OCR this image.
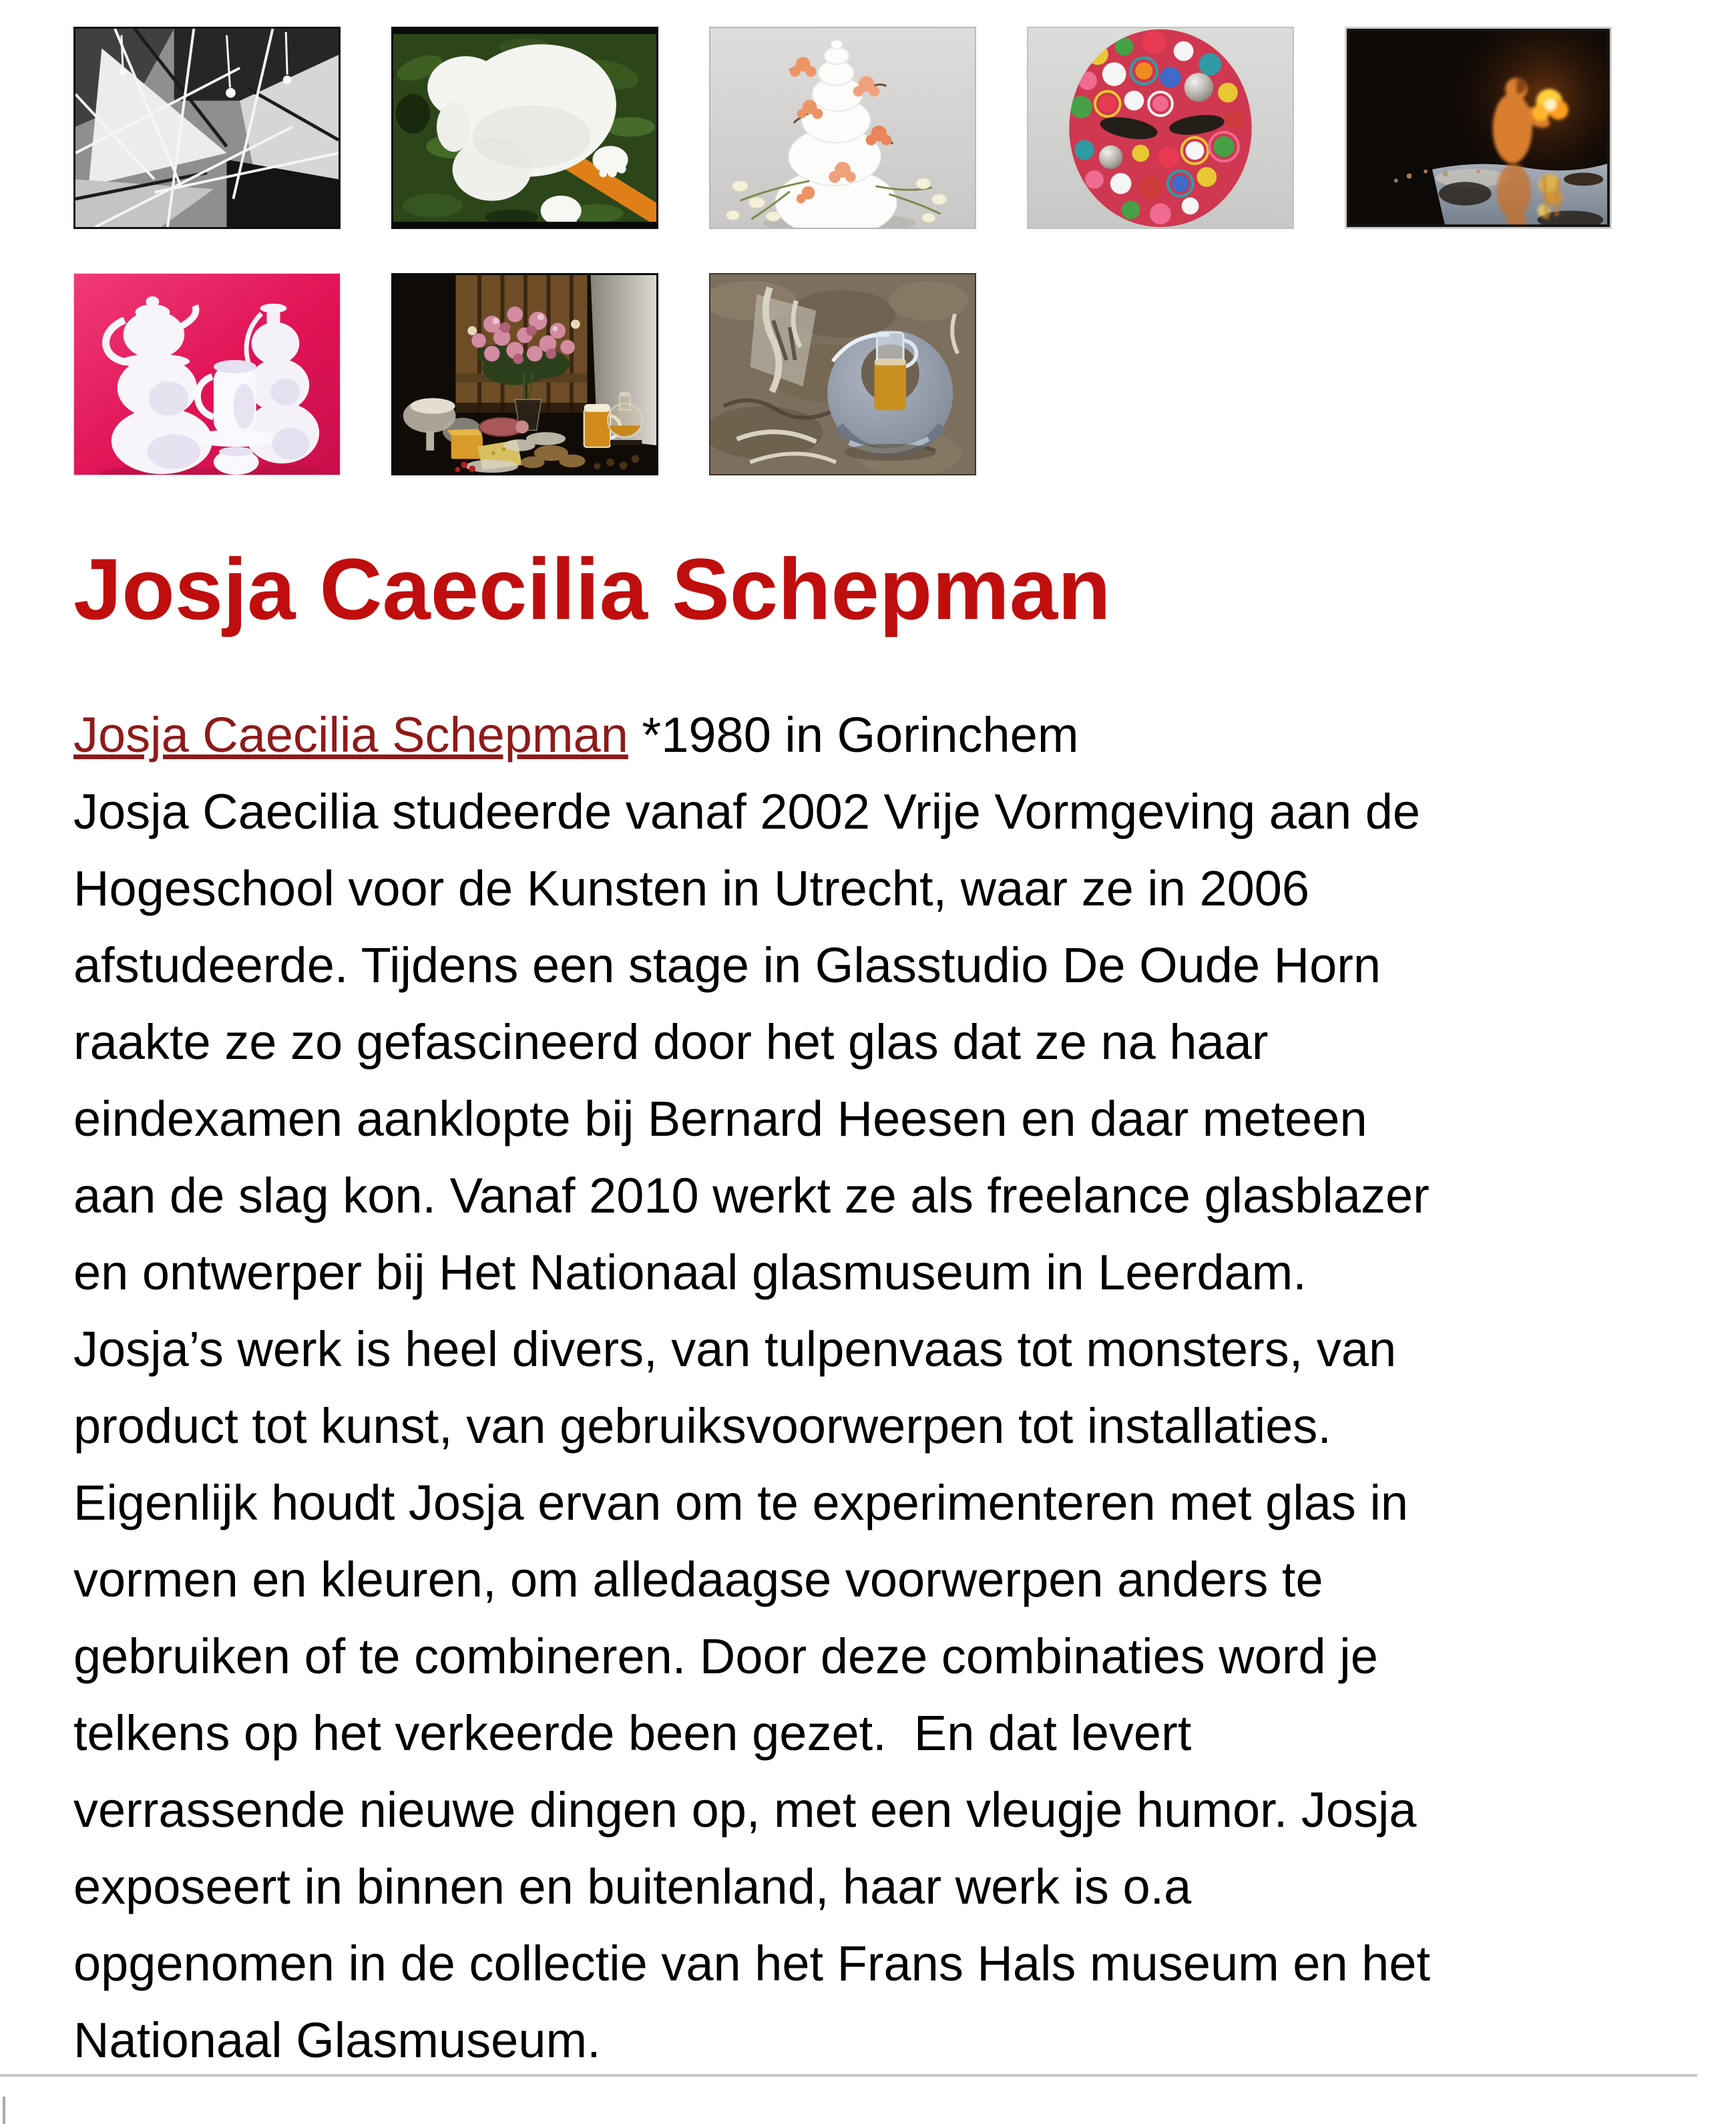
Josja Caecilia Schepman

Josja Caecilia Schepman *1980 in Gorinchem
Josja Caecilia studeerde vanaf 2002 Vrije Vormgeving aan de
Hogeschool voor de Kunsten in Utrecht, waar ze in 2006
afstudeerde. Tijdens een stage in Glasstudio De Oude Horn
raakte ze zo gefascineerd door het glas dat ze na haar
eindexamen aanklopte bij Bernard Heesen en daar meteen
aan de slag kon. Vanaf 2010 werkt ze als freelance glasblazer
en ontwerper bij Het Nationaal glasmuseum in Leerdam.
Josja’s werk is heel divers, van tulpenvaas tot monsters, van
product tot kunst, van gebruiksvoorwerpen tot installaties.
Eigenlijk houdt Josja ervan om te experimenteren met glas in
vormen en kleuren, om alledaagse voorwerpen anders te
gebruiken of te combineren. Door deze combinaties word je
telkens op het verkeerde been gezet.  En dat levert
verrassende nieuwe dingen op, met een vleugje humor. Josja
exposeert in binnen en buitenland, haar werk is o.a
opgenomen in de collectie van het Frans Hals museum en het
Nationaal Glasmuseum.
